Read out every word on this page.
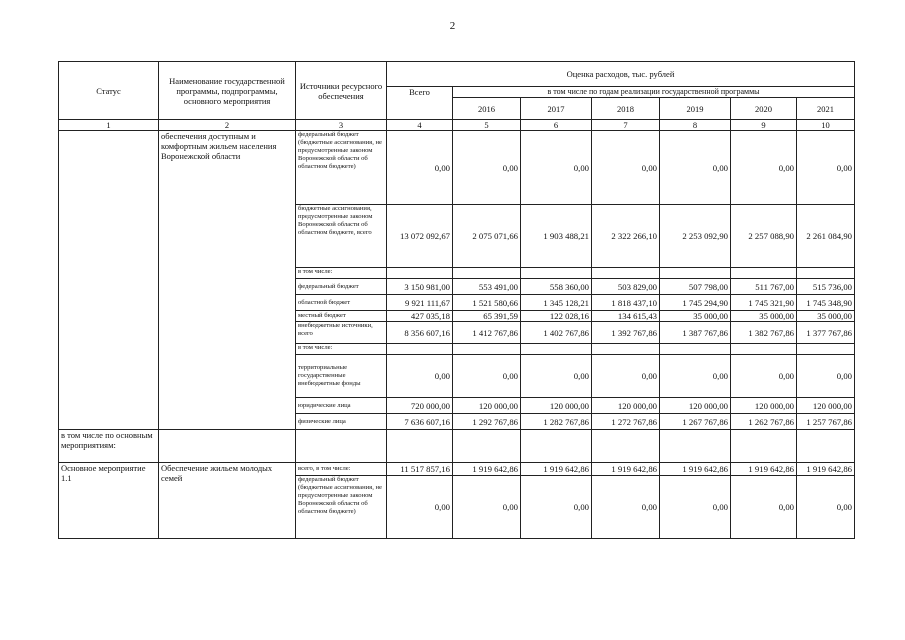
2
Статус	Наименование государственной программы, подпрограммы, основного мероприятия	Источники ресурсного обеспечения	Оценка расходов, тыс. рублей						
			Всего	в том числе по годам реализации государственной программы					
				2016	2017	2018	2019	2020	2021
1	2	3	4	5	6	7	8	9	10
	обеспечения доступным и комфортным жильем населения Воронежской области	федеральный бюджет (бюджетные ассигнования, не предусмотренные законом Воронежской области об областном бюджете)	0,00	0,00	0,00	0,00	0,00	0,00	0,00
		бюджетные ассигнования, предусмотренные законом Воронежской области об областном бюджете, всего	13 072 092,67	2 075 071,66	1 903 488,21	2 322 266,10	2 253 092,90	2 257 088,90	2 261 084,90
		в том числе:							
		федеральный бюджет	3 150 981,00	553 491,00	558 360,00	503 829,00	507 798,00	511 767,00	515 736,00
		областной бюджет	9 921 111,67	1 521 580,66	1 345 128,21	1 818 437,10	1 745 294,90	1 745 321,90	1 745 348,90
		местный бюджет	427 035,18	65 391,59	122 028,16	134 615,43	35 000,00	35 000,00	35 000,00
		внебюджетные источники, всего	8 356 607,16	1 412 767,86	1 402 767,86	1 392 767,86	1 387 767,86	1 382 767,86	1 377 767,86
		в том числе:							
		территориальные государственные внебюджетные фонды	0,00	0,00	0,00	0,00	0,00	0,00	0,00
		юридические лица	720 000,00	120 000,00	120 000,00	120 000,00	120 000,00	120 000,00	120 000,00
		физические лица	7 636 607,16	1 292 767,86	1 282 767,86	1 272 767,86	1 267 767,86	1 262 767,86	1 257 767,86
в том числе по основным мероприятиям:									
Основное мероприятие 1.1	Обеспечение жильем молодых семей	всего, в том числе:	11 517 857,16	1 919 642,86	1 919 642,86	1 919 642,86	1 919 642,86	1 919 642,86	1 919 642,86
		федеральный бюджет (бюджетные ассигнования, не предусмотренные законом Воронежской области об областном бюджете)	0,00	0,00	0,00	0,00	0,00	0,00	0,00
